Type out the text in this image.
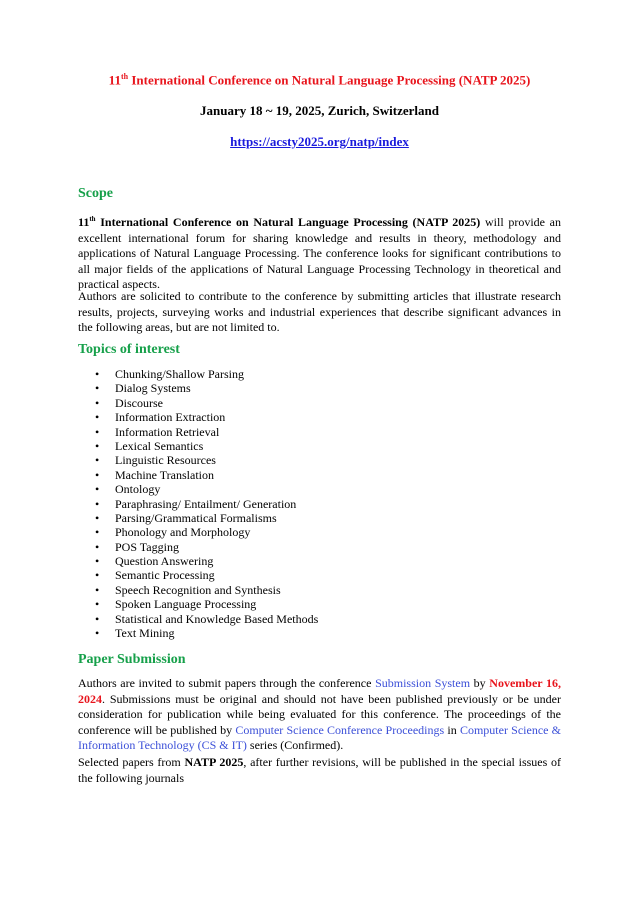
11th International Conference on Natural Language Processing (NATP 2025)
January 18 ~ 19, 2025, Zurich, Switzerland
https://acsty2025.org/natp/index
Scope

11th International Conference on Natural Language Processing (NATP 2025) will provide an excellent international forum for sharing knowledge and results in theory, methodology and applications of Natural Language Processing. The conference looks for significant contributions to all major fields of the applications of Natural Language Processing Technology in theoretical and practical aspects.

Authors are solicited to contribute to the conference by submitting articles that illustrate research results, projects, surveying works and industrial experiences that describe significant advances in the following areas, but are not limited to.

Topics of interest
• Chunking/Shallow Parsing
• Dialog Systems
• Discourse
• Information Extraction
• Information Retrieval
• Lexical Semantics
• Linguistic Resources
• Machine Translation
• Ontology
• Paraphrasing/ Entailment/ Generation
• Parsing/Grammatical Formalisms
• Phonology and Morphology
• POS Tagging
• Question Answering
• Semantic Processing
• Speech Recognition and Synthesis
• Spoken Language Processing
• Statistical and Knowledge Based Methods
• Text Mining
Paper Submission

Authors are invited to submit papers through the conference Submission System by November 16, 2024. Submissions must be original and should not have been published previously or be under consideration for publication while being evaluated for this conference. The proceedings of the conference will be published by Computer Science Conference Proceedings in Computer Science & Information Technology (CS & IT) series (Confirmed).

Selected papers from NATP 2025, after further revisions, will be published in the special issues of the following journals
